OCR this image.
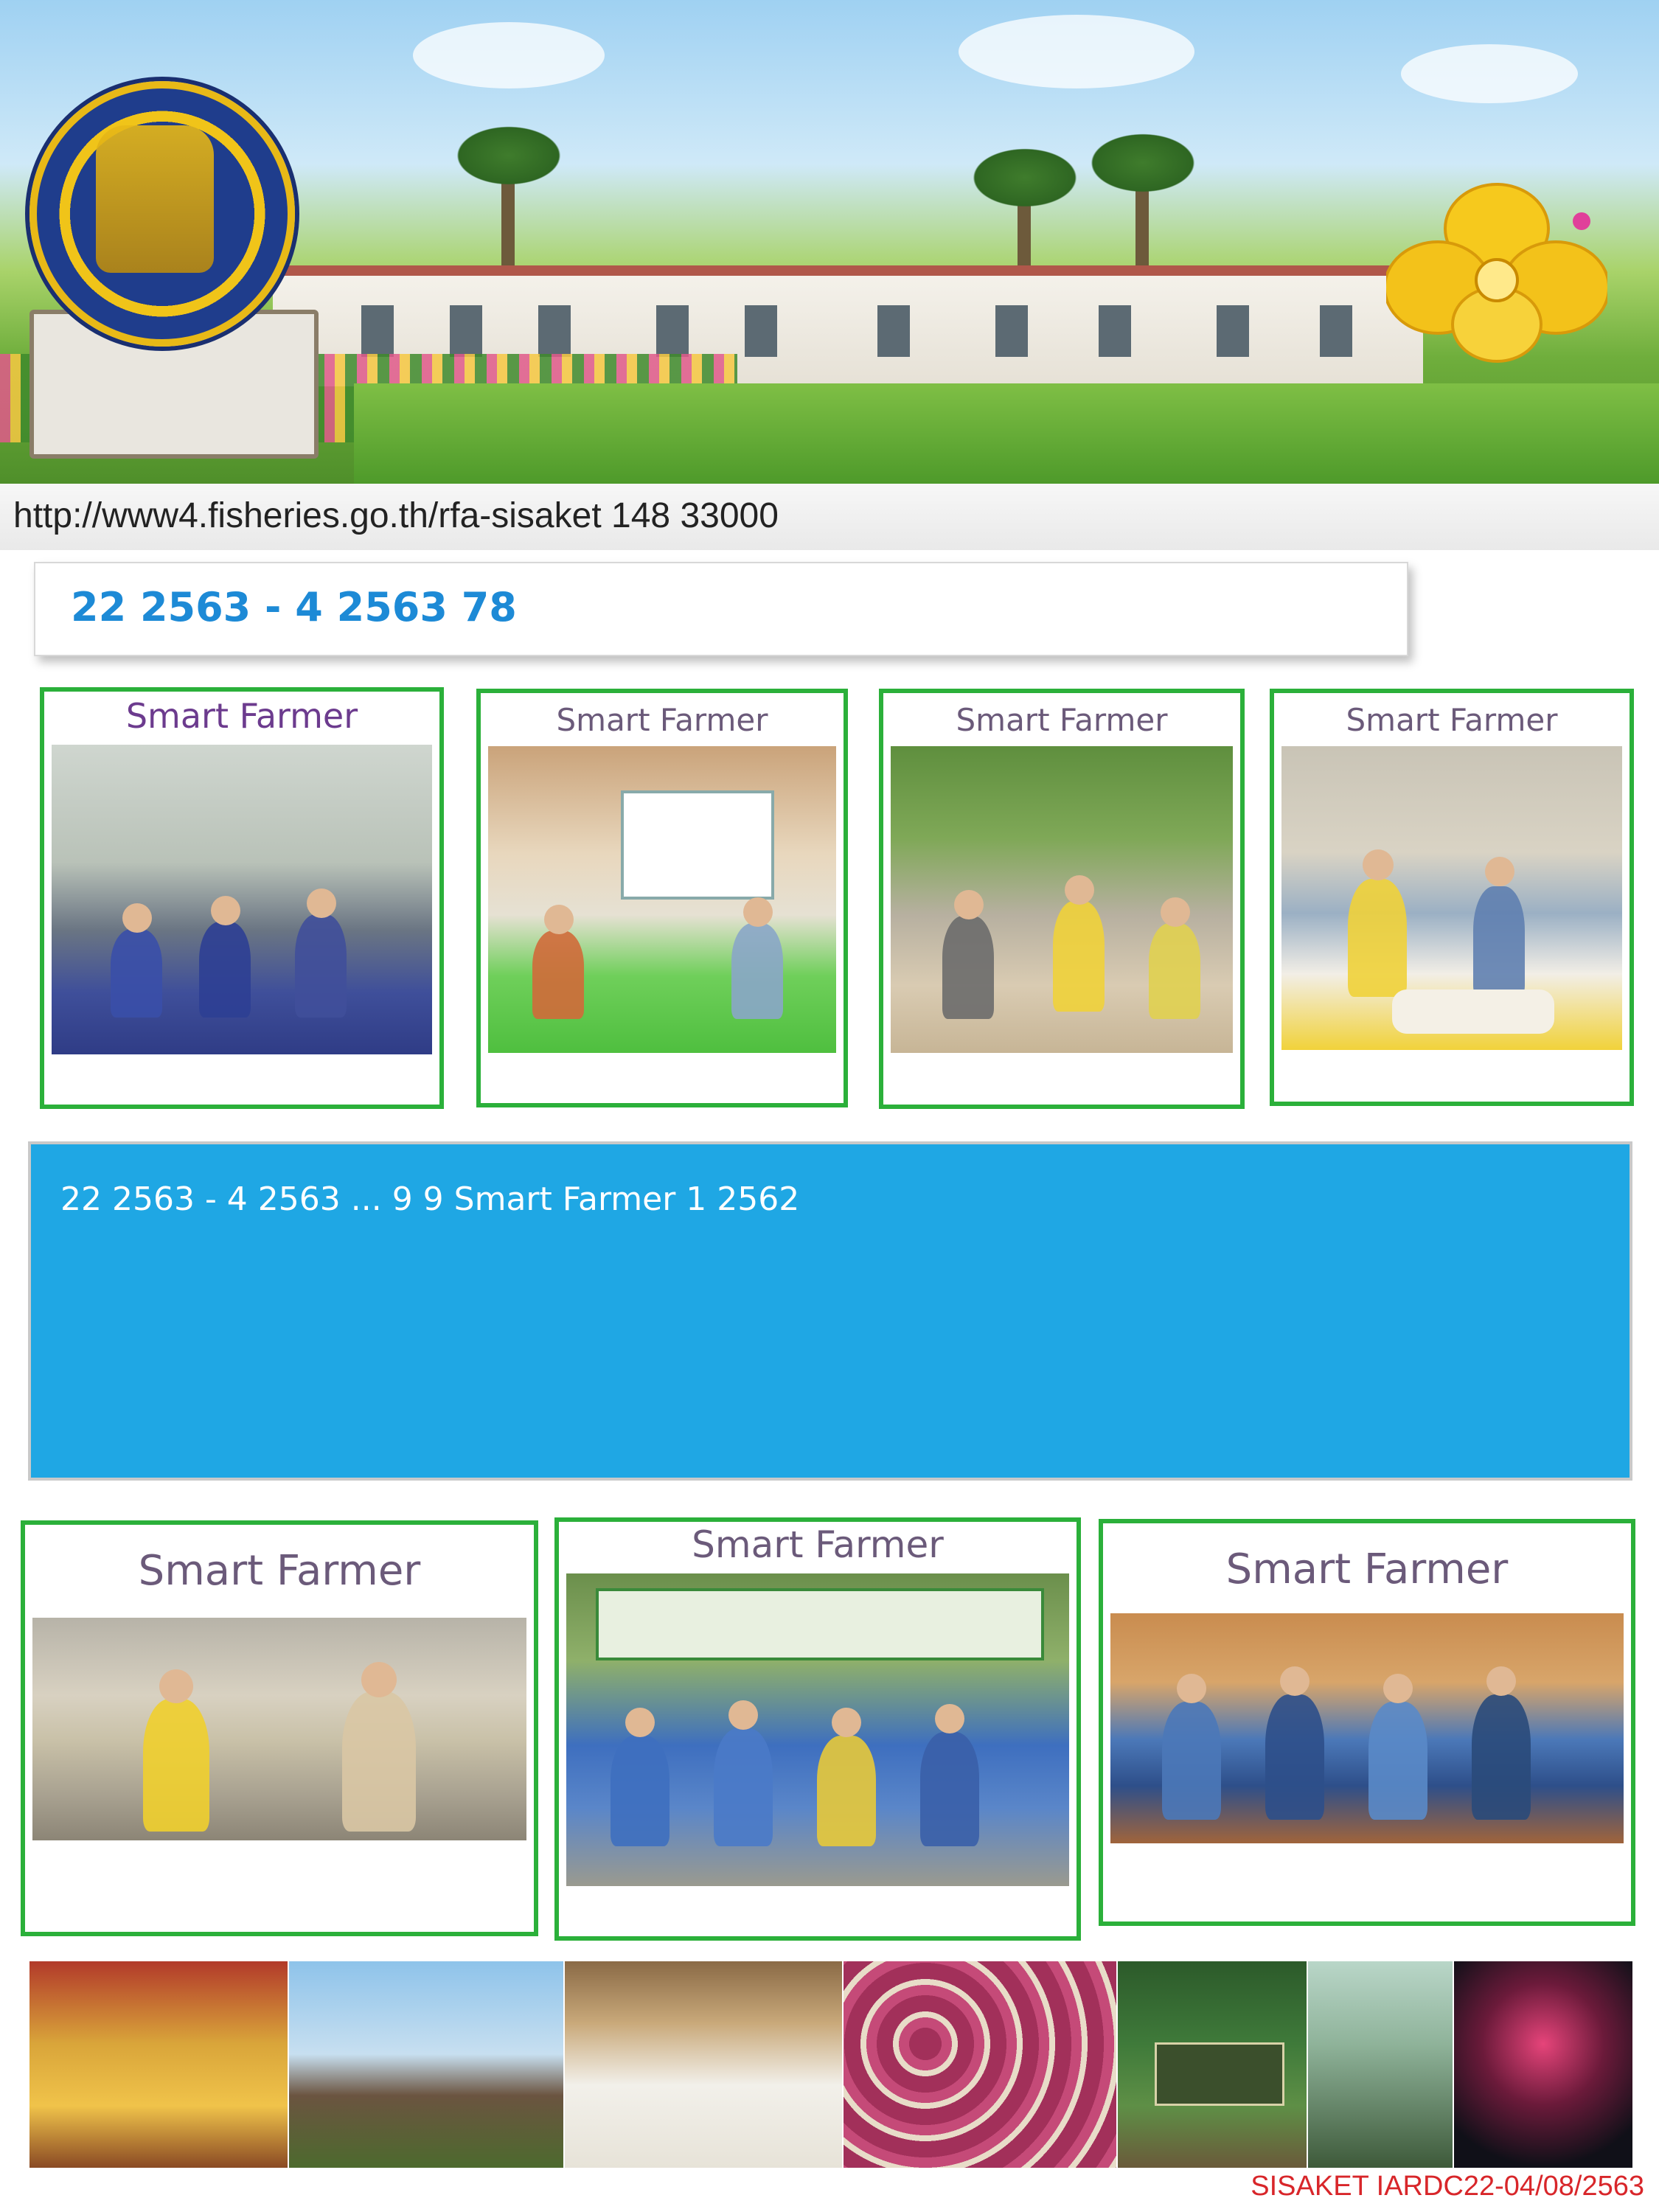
http://www4.fisheries.go.th/rfa-sisaket 148 33000
22 2563 - 4 2563 78
Smart Farmer	Smart Farmer	Smart Farmer	Smart Farmer
22 2563 - 4 2563 ... 9 9 Smart Farmer 1 2562
Smart Farmer
Smart Farmer
Smart Farmer
SISAKET IARDC22-04/08/2563
